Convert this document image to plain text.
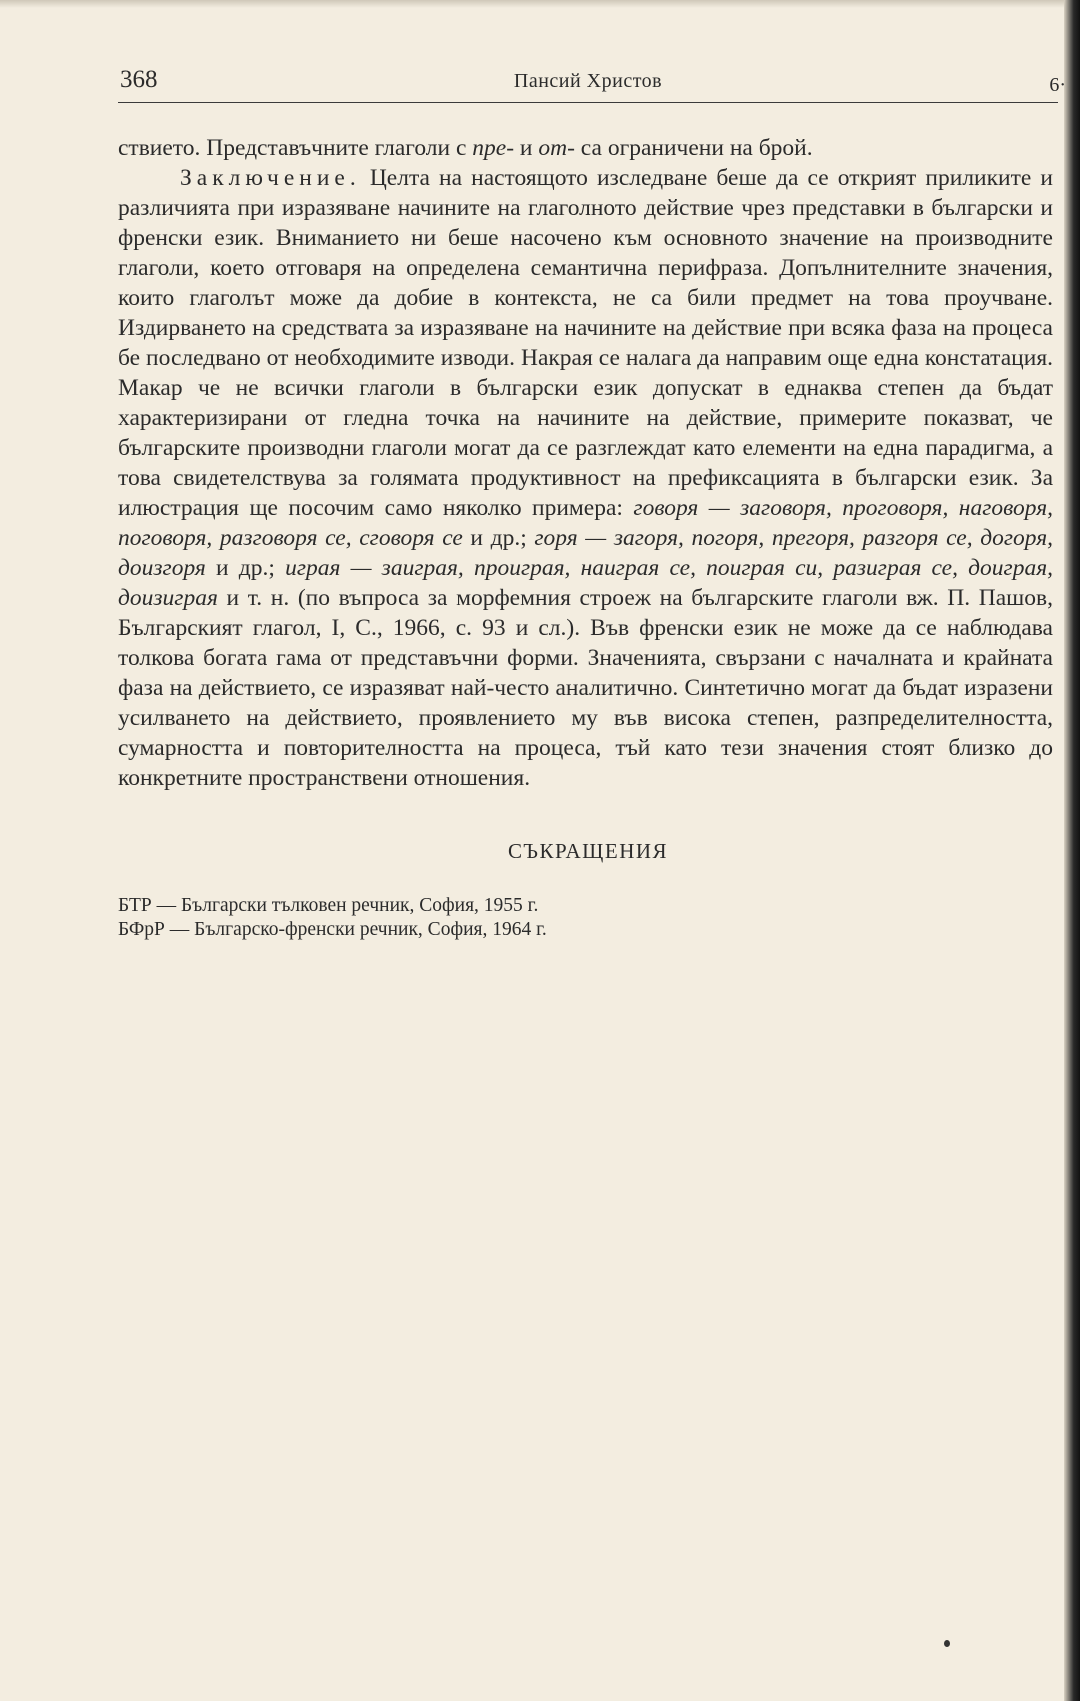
368	Пансий Христов	6·

ствието. Представъчните глаголи с пре- и от- са ограничени на брой.

Заключение. Целта на настоящото изследване беше да се открият приликите и различията при изразяване начините на глаголното действие чрез представки в български и френски език. Вниманието ни беше насочено към основното значение на производните глаголи, което отговаря на определена семантична перифраза. Допълнителните значения, които глаголът може да добие в контекста, не са били предмет на това проучване. Издирването на средствата за изразяване на начините на действие при всяка фаза на процеса бе последвано от необходимите изводи. Накрая се налага да направим още една констатация. Макар че не всички глаголи в български език допускат в еднаква степен да бъдат характеризирани от гледна точка на начините на действие, примерите показват, че българските производни глаголи могат да се разглеждат като елементи на една парадигма, а това свидетелствува за голямата продуктивност на префиксацията в български език. За илюстрация ще посочим само няколко примера: говоря — заговоря, проговоря, наговоря, поговоря, разговоря се, сговоря се и др.; горя — загоря, погоря, прегоря, разгоря се, догоря, доизгоря и др.; играя — заиграя, проиграя, наиграя се, поиграя си, разиграя се, доиграя, доизиграя и т. н. (по въпроса за морфемния строеж на българските глаголи вж. П. Пашов, Българският глагол, I, С., 1966, с. 93 и сл.). Във френски език не може да се наблюдава толкова богата гама от представъчни форми. Значенията, свързани с началната и крайната фаза на действието, се изразяват най-често аналитично. Синтетично могат да бъдат изразени усилването на действието, проявлението му във висока степен, разпределителността, сумарността и повторителността на процеса, тъй като тези значения стоят близко до конкретните пространствени отношения.

СЪКРАЩЕНИЯ
БТР — Български тълковен речник, София, 1955 г.
БФрР — Българско-френски речник, София, 1964 г.
